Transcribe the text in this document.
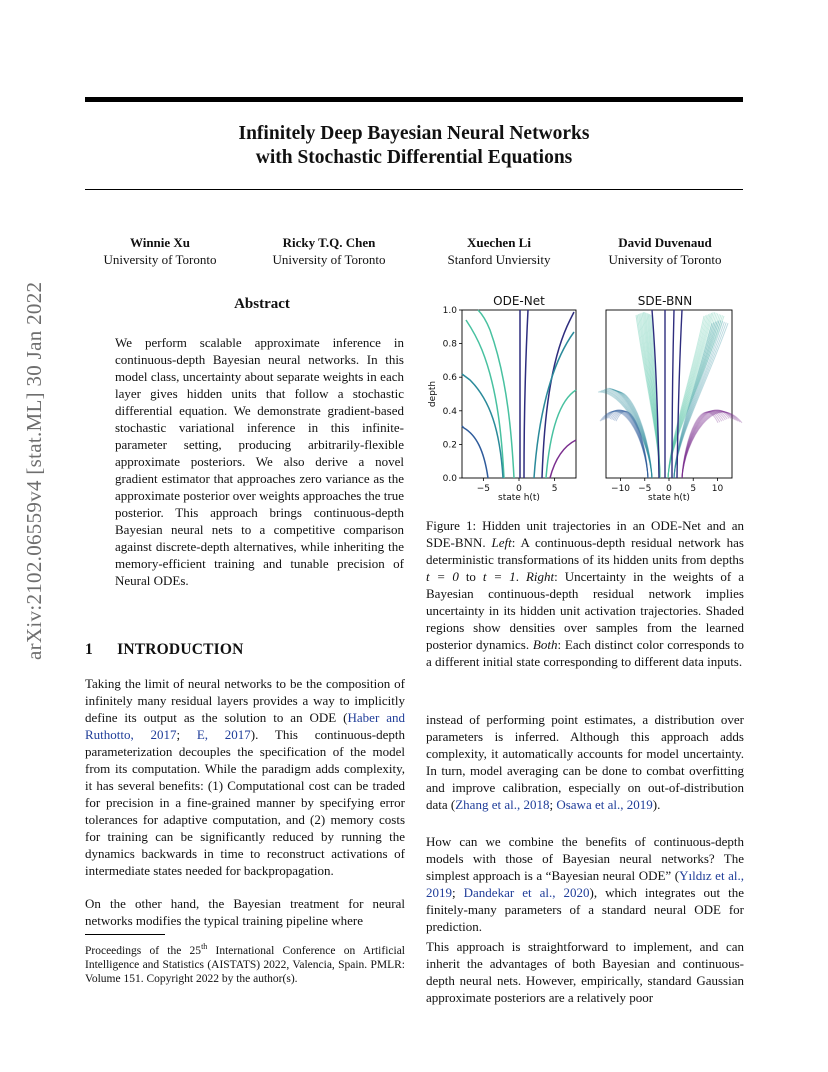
arXiv:2102.06559v4 [stat.ML] 30 Jan 2022
Infinitely Deep Bayesian Neural Networks
with Stochastic Differential Equations
Winnie Xu
University of Toronto
Ricky T.Q. Chen
University of Toronto
Xuechen Li
Stanford Unviersity
David Duvenaud
University of Toronto
Abstract
We perform scalable approximate inference in continuous-depth Bayesian neural networks. In this model class, uncertainty about separate weights in each layer gives hidden units that follow a stochastic differential equation. We demonstrate gradient-based stochastic variational inference in this infinite-parameter setting, producing arbitrarily-flexible approximate posteriors. We also derive a novel gradient estimator that approaches zero variance as the approximate posterior over weights approaches the true posterior. This approach brings continuous-depth Bayesian neural nets to a competitive comparison against discrete-depth alternatives, while inheriting the memory-efficient training and tunable precision of Neural ODEs.
1 INTRODUCTION
Taking the limit of neural networks to be the composition of infinitely many residual layers provides a way to implicitly define its output as the solution to an ODE (Haber and Ruthotto, 2017; E, 2017). This continuous-depth parameterization decouples the specification of the model from its computation. While the paradigm adds complexity, it has several benefits: (1) Computational cost can be traded for precision in a fine-grained manner by specifying error tolerances for adaptive computation, and (2) memory costs for training can be significantly reduced by running the dynamics backwards in time to reconstruct activations of intermediate states needed for backpropagation.
On the other hand, the Bayesian treatment for neural networks modifies the typical training pipeline where
Proceedings of the 25th International Conference on Artificial Intelligence and Statistics (AISTATS) 2022, Valencia, Spain. PMLR: Volume 151. Copyright 2022 by the author(s).
ODE-Net	SDE-BNN
depth
0.0
0.2
0.4
0.6
0.8
1.0
−5	0	5
state h(t)
−10 −5 0 5 10
state h(t)
Figure 1: Hidden unit trajectories in an ODE-Net and an SDE-BNN. Left: A continuous-depth residual network has deterministic transformations of its hidden units from depths t = 0 to t = 1. Right: Uncertainty in the weights of a Bayesian continuous-depth residual network implies uncertainty in its hidden unit activation trajectories. Shaded regions show densities over samples from the learned posterior dynamics. Both: Each distinct color corresponds to a different initial state corresponding to different data inputs.
instead of performing point estimates, a distribution over parameters is inferred. Although this approach adds complexity, it automatically accounts for model uncertainty. In turn, model averaging can be done to combat overfitting and improve calibration, especially on out-of-distribution data (Zhang et al., 2018; Osawa et al., 2019).
How can we combine the benefits of continuous-depth models with those of Bayesian neural networks? The simplest approach is a “Bayesian neural ODE” (Yıldız et al., 2019; Dandekar et al., 2020), which integrates out the finitely-many parameters of a standard neural ODE for prediction.
This approach is straightforward to implement, and can inherit the advantages of both Bayesian and continuous-depth neural nets. However, empirically, standard Gaussian approximate posteriors are a relatively poor
